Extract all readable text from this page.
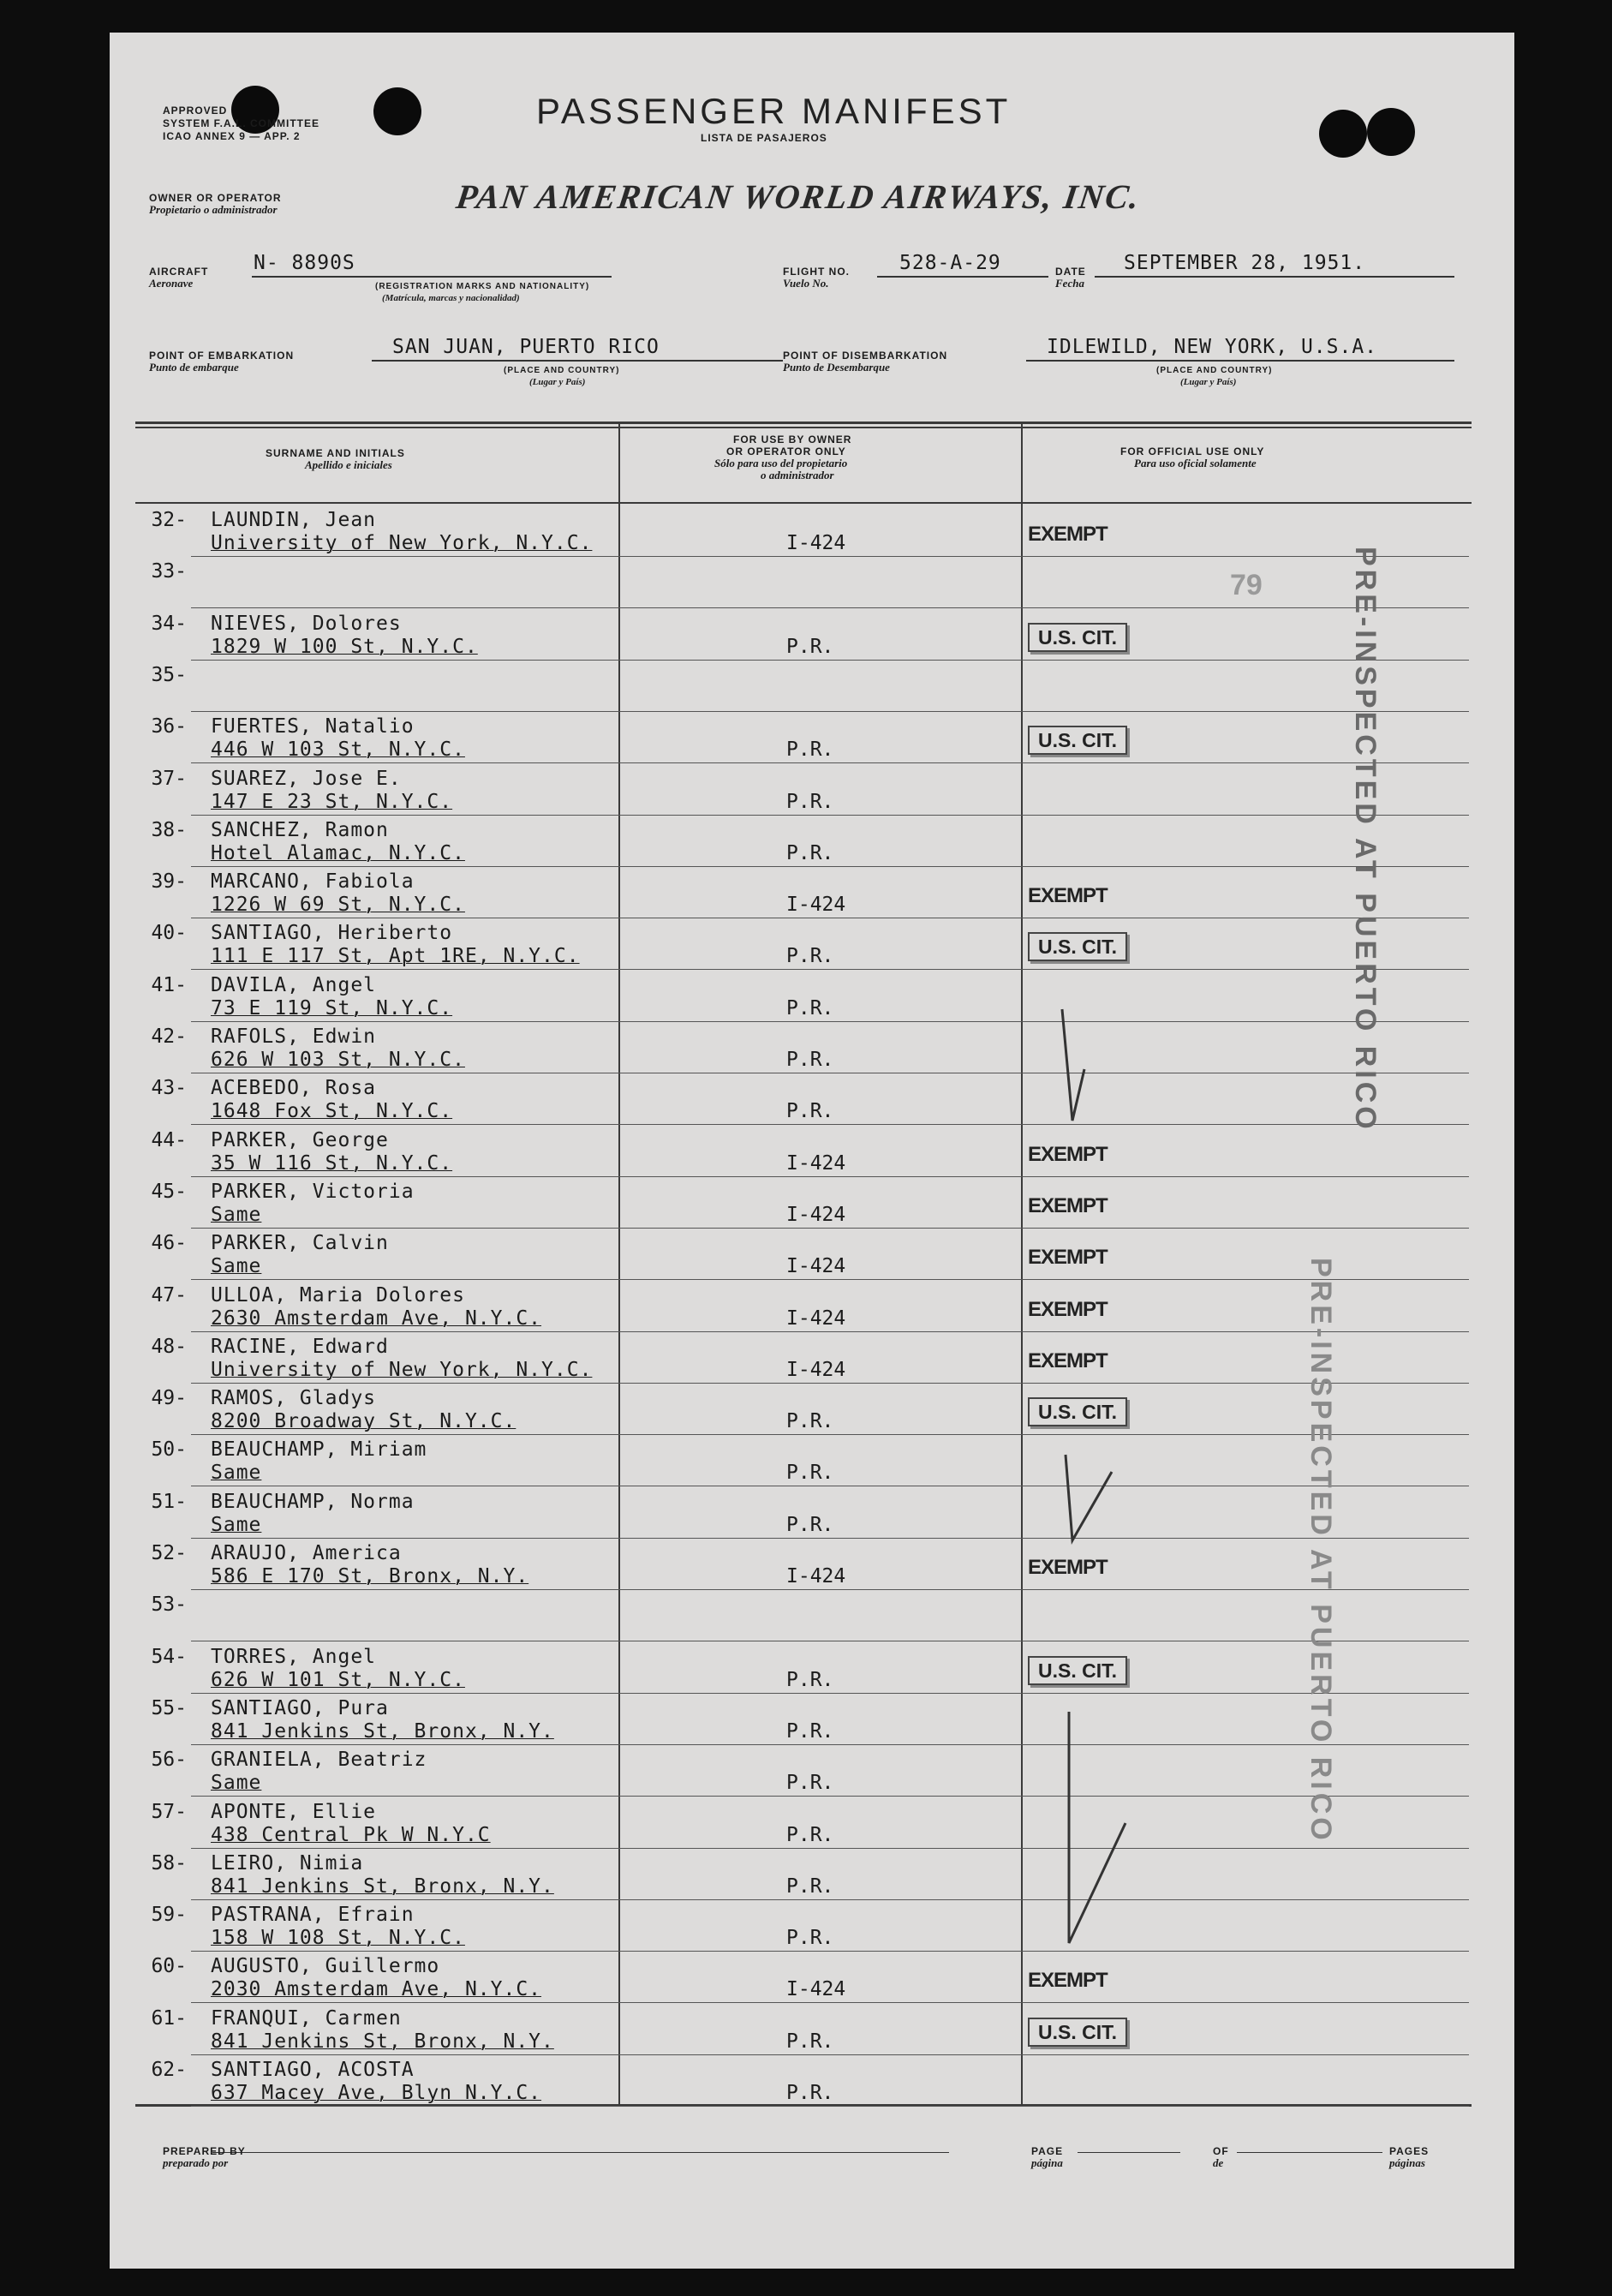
APPROVED
SYSTEM F.A.L. COMMITTEE
ICAO ANNEX 9 — APP. 2
PASSENGER MANIFEST
LISTA DE PASAJEROS
OWNER OR OPERATOR
Propietario o administrador	PAN AMERICAN WORLD AIRWAYS, INC.
AIRCRAFT
Aeronave
N- 8890S
(REGISTRATION MARKS AND NATIONALITY)
(Matrícula, marcas y nacionalidad)
FLIGHT NO.
Vuelo No.
528-A-29	DATE
Fecha
SEPTEMBER 28, 1951.
POINT OF EMBARKATION
Punto de embarque
SAN JUAN, PUERTO RICO
(PLACE AND COUNTRY)
(Lugar y País)
POINT OF DISEMBARKATION
Punto de Desembarque
IDLEWILD, NEW YORK, U.S.A.
(PLACE AND COUNTRY)
(Lugar y País)
SURNAME AND INITIALS
Apellido e iniciales
FOR USE BY OWNER
OR OPERATOR ONLY
Sólo para uso del propietario
o administrador
FOR OFFICIAL USE ONLY
Para uso oficial solamente
32- LAUNDIN, Jean
University of New York, N.Y.C.	I-424	EXEMPT
33-
34- NIEVES, Dolores
1829 W 100 St, N.Y.C.	P.R.	U.S. CIT.
35-
36- FUERTES, Natalio
446 W 103 St, N.Y.C.	P.R.	U.S. CIT.
37- SUAREZ, Jose E.
147 E 23 St, N.Y.C.	P.R.
38- SANCHEZ, Ramon
Hotel Alamac, N.Y.C.	P.R.
39- MARCANO, Fabiola
1226 W 69 St, N.Y.C.	I-424	EXEMPT
40- SANTIAGO, Heriberto
111 E 117 St, Apt 1RE, N.Y.C.	P.R.	U.S. CIT.
41- DAVILA, Angel
73 E 119 St, N.Y.C.	P.R.
42- RAFOLS, Edwin
626 W 103 St, N.Y.C.	P.R.
43- ACEBEDO, Rosa
1648 Fox St, N.Y.C.	P.R.
44- PARKER, George
35 W 116 St, N.Y.C.	I-424	EXEMPT
45- PARKER, Victoria
Same	I-424	EXEMPT
46- PARKER, Calvin
Same	I-424	EXEMPT
47- ULLOA, Maria Dolores
2630 Amsterdam Ave, N.Y.C.	I-424	EXEMPT
48- RACINE, Edward
University of New York, N.Y.C.	I-424	EXEMPT
49- RAMOS, Gladys
8200 Broadway St, N.Y.C.	P.R.	U.S. CIT.
50- BEAUCHAMP, Miriam
Same	P.R.
51- BEAUCHAMP, Norma
Same	P.R.
52- ARAUJO, America
586 E 170 St, Bronx, N.Y.	I-424	EXEMPT
53-
54- TORRES, Angel
626 W 101 St, N.Y.C.	P.R.	U.S. CIT.
55- SANTIAGO, Pura
841 Jenkins St, Bronx, N.Y.	P.R.
56- GRANIELA, Beatriz
Same	P.R.
57- APONTE, Ellie
438 Central Pk W N.Y.C	P.R.
58- LEIRO, Nimia
841 Jenkins St, Bronx, N.Y.	P.R.
59- PASTRANA, Efrain
158 W 108 St, N.Y.C.	P.R.
60- AUGUSTO, Guillermo
2030 Amsterdam Ave, N.Y.C.	I-424	EXEMPT
61- FRANQUI, Carmen
841 Jenkins St, Bronx, N.Y.	P.R.	U.S. CIT.
62- SANTIAGO, ACOSTA
637 Macey Ave, Blyn N.Y.C.	P.R.
79	PRE-INSPECTED AT PUERTO RICO
PRE-INSPECTED AT PUERTO RICO
PREPARED BY
preparado por
PAGE
página
OF
de
PAGES
páginas
